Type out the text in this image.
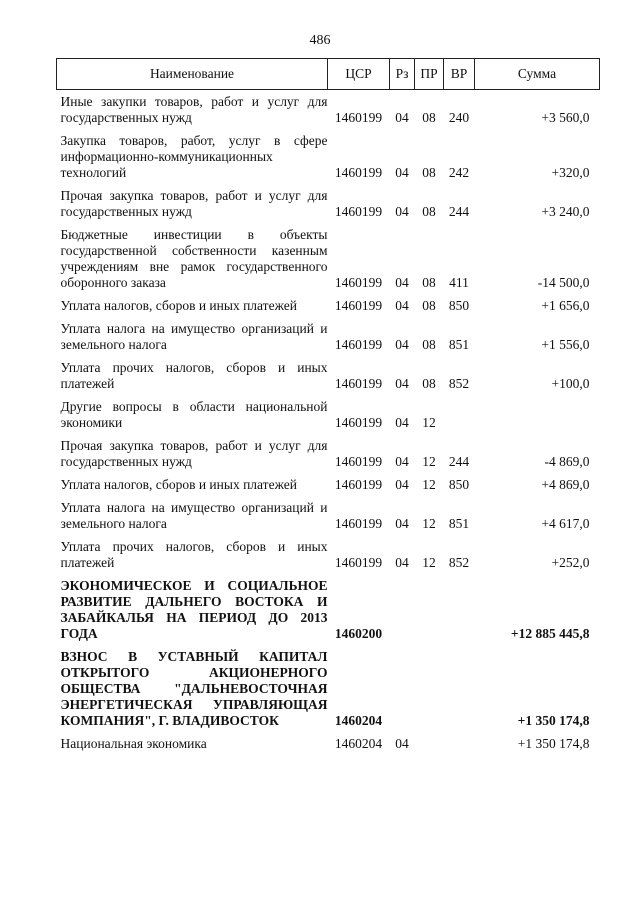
486
Наименование	ЦСР	Рз	ПР	ВР	Сумма
Иные закупки товаров, работ и услуг для государственных нужд	1460199	04	08	240	+3 560,0
Закупка товаров, работ, услуг в сфере информационно-коммуникационных технологий	1460199	04	08	242	+320,0
Прочая закупка товаров, работ и услуг для государственных нужд	1460199	04	08	244	+3 240,0
Бюджетные инвестиции в объекты государственной собственности казенным учреждениям вне рамок государственного оборонного заказа	1460199	04	08	411	-14 500,0
Уплата налогов, сборов и иных платежей	1460199	04	08	850	+1 656,0
Уплата налога на имущество организаций и земельного налога	1460199	04	08	851	+1 556,0
Уплата прочих налогов, сборов и иных платежей	1460199	04	08	852	+100,0
Другие вопросы в области национальной экономики	1460199	04	12		
Прочая закупка товаров, работ и услуг для государственных нужд	1460199	04	12	244	-4 869,0
Уплата налогов, сборов и иных платежей	1460199	04	12	850	+4 869,0
Уплата налога на имущество организаций и земельного налога	1460199	04	12	851	+4 617,0
Уплата прочих налогов, сборов и иных платежей	1460199	04	12	852	+252,0
ЭКОНОМИЧЕСКОЕ И СОЦИАЛЬНОЕ РАЗВИТИЕ ДАЛЬНЕГО ВОСТОКА И ЗАБАЙКАЛЬЯ НА ПЕРИОД ДО 2013 ГОДА	1460200				+12 885 445,8
ВЗНОС В УСТАВНЫЙ КАПИТАЛ ОТКРЫТОГО АКЦИОНЕРНОГО ОБЩЕСТВА "ДАЛЬНЕВОСТОЧНАЯ ЭНЕРГЕТИЧЕСКАЯ УПРАВЛЯЮЩАЯ КОМПАНИЯ", Г. ВЛАДИВОСТОК	1460204				+1 350 174,8
Национальная экономика	1460204	04			+1 350 174,8
